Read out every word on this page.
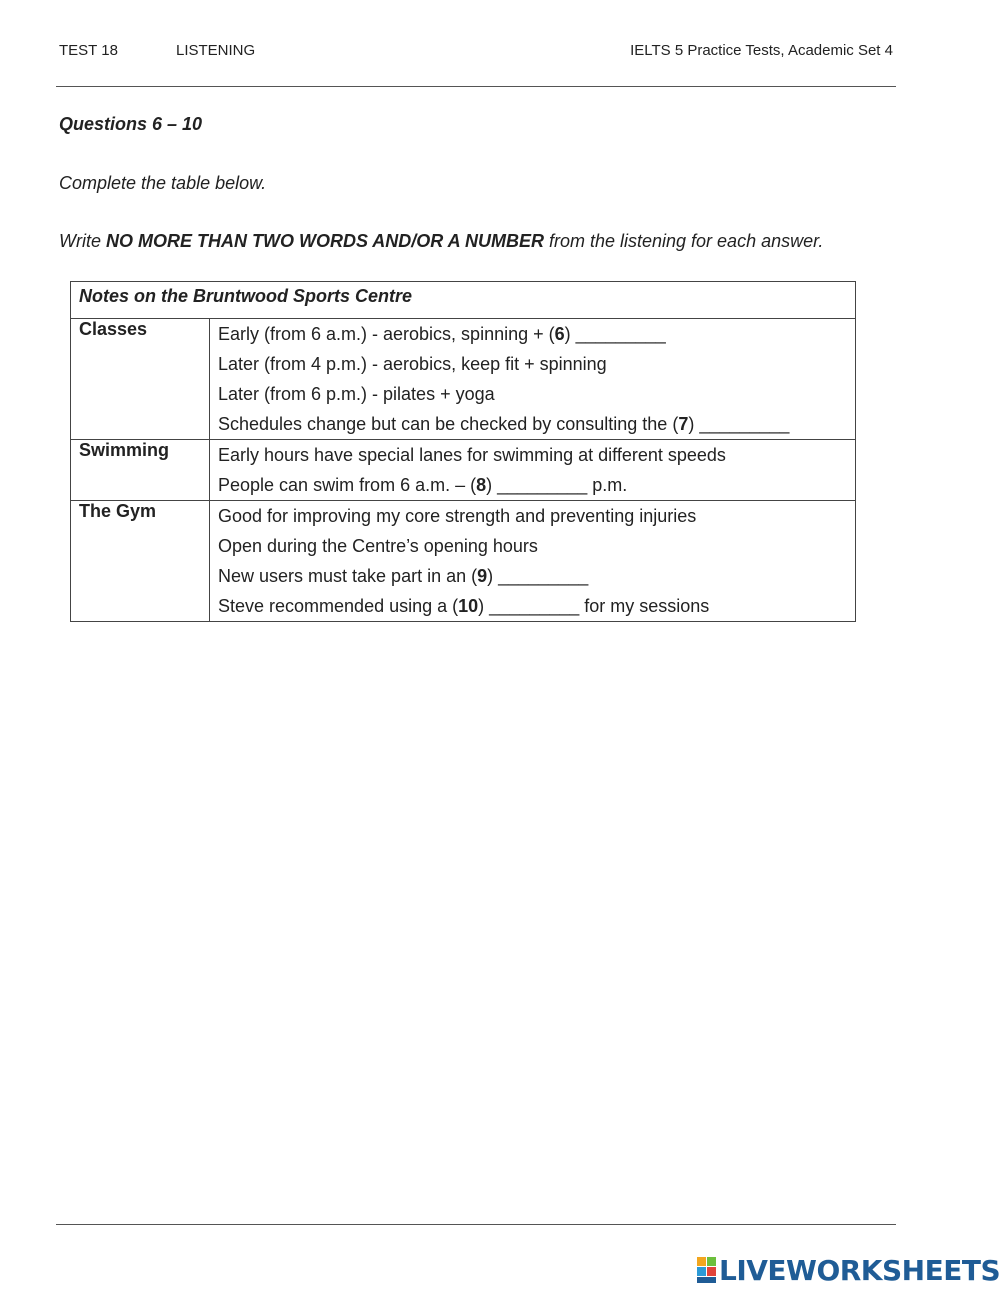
TEST 18	LISTENING	IELTS 5 Practice Tests, Academic Set 4
Questions 6 – 10
Complete the table below.
Write NO MORE THAN TWO WORDS AND/OR A NUMBER from the listening for each answer.
Notes on the Bruntwood Sports Centre	
Classes	Early (from 6 a.m.) - aerobics, spinning + (6) _________
Later (from 4 p.m.) - aerobics, keep fit + spinning
Later (from 6 p.m.) - pilates + yoga
Schedules change but can be checked by consulting the (7) _________

Swimming	Early hours have special lanes for swimming at different speeds
People can swim from 6 a.m. – (8) _________ p.m.

The Gym	Good for improving my core strength and preventing injuries
Open during the Centre’s opening hours
New users must take part in an (9) _________
Steve recommended using a (10) _________ for my sessions
LIVEWORKSHEETS
